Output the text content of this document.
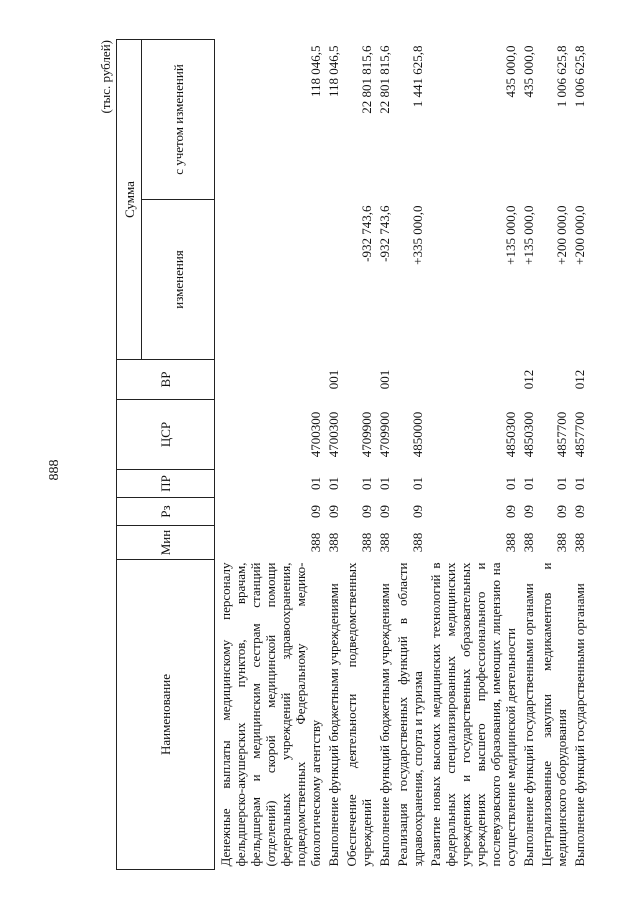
888
(тыс. рублей)
Наименование	Мин	Рз	ПР	ЦСР	ВР	Сумма	
						изменения	с учетом изменений
Денежные выплаты медицинскому персоналу фельдшерско-акушерских пунктов, врачам, фельдшерам и медицинским сестрам станций (отделений) скорой медицинской помощи федеральных учреждений здравоохранения, подведомственных Федеральному медико-биологическому агентству	388	09	01	4700300			118 046,5
Выполнение функций бюджетными учреждениями	388	09	01	4700300	001		118 046,5
Обеспечение деятельности подведомственных учреждений	388	09	01	4709900		-932 743,6	22 801 815,6
Выполнение функций бюджетными учреждениями	388	09	01	4709900	001	-932 743,6	22 801 815,6
Реализация государственных функций в области здравоохранения, спорта и туризма	388	09	01	4850000		+335 000,0	1 441 625,8
Развитие новых высоких медицинских технологий в федеральных специализированных медицинских учреждениях и государственных образовательных учреждениях высшего профессионального и послевузовского образования, имеющих лицензию на осуществление медицинской деятельности	388	09	01	4850300		+135 000,0	435 000,0
Выполнение функций государственными органами	388	09	01	4850300	012	+135 000,0	435 000,0
Централизованные закупки медикаментов и медицинского оборудования	388	09	01	4857700		+200 000,0	1 006 625,8
Выполнение функций государственными органами	388	09	01	4857700	012	+200 000,0	1 006 625,8
